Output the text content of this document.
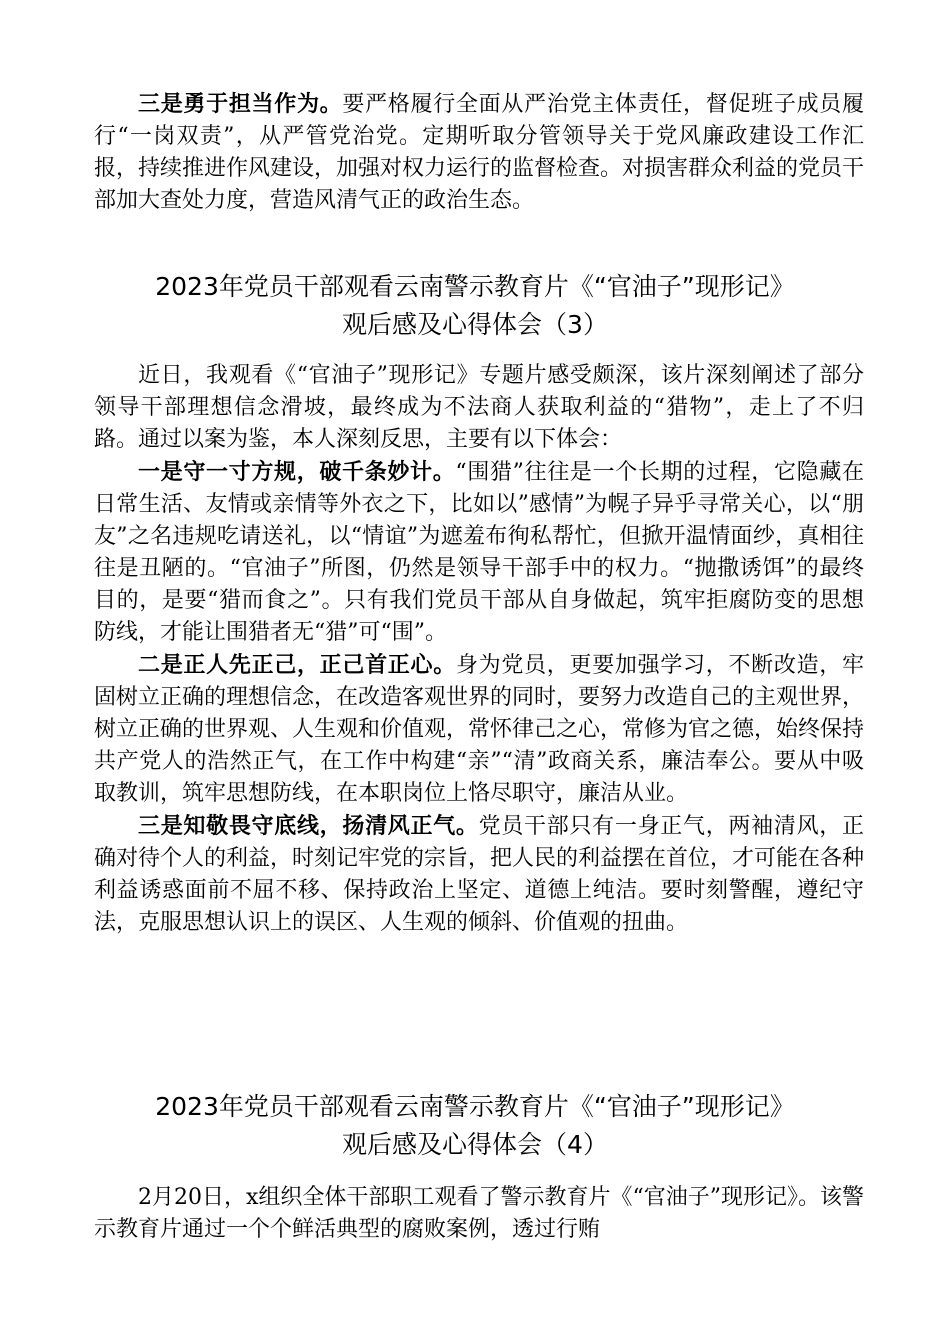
三是勇于担当作为。要严格履行全面从严治党主体责任，督促班子成员履行“一岗双责”，从严管党治党。定期听取分管领导关于党风廉政建设工作汇报，持续推进作风建设，加强对权力运行的监督检查。对损害群众利益的党员干部加大查处力度，营造风清气正的政治生态。

2023年党员干部观看云南警示教育片《“官油子”现形记》
观后感及心得体会（3）

近日，我观看《“官油子”现形记》专题片感受颇深，该片深刻阐述了部分领导干部理想信念滑坡，最终成为不法商人获取利益的“猎物”，走上了不归路。通过以案为鉴，本人深刻反思，主要有以下体会：

一是守一寸方规，破千条妙计。“围猎”往往是一个长期的过程，它隐藏在日常生活、友情或亲情等外衣之下，比如以”感情”为幌子异乎寻常关心，以“朋友”之名违规吃请送礼，以“情谊”为遮羞布徇私帮忙，但掀开温情面纱，真相往往是丑陋的。“官油子”所图，仍然是领导干部手中的权力。“抛撒诱饵”的最终目的，是要“猎而食之”。只有我们党员干部从自身做起，筑牢拒腐防变的思想防线，才能让围猎者无“猎”可“围”。

二是正人先正己，正己首正心。身为党员，更要加强学习，不断改造，牢固树立正确的理想信念，在改造客观世界的同时，要努力改造自己的主观世界，树立正确的世界观、人生观和价值观，常怀律己之心，常修为官之德，始终保持共产党人的浩然正气，在工作中构建“亲”“清”政商关系，廉洁奉公。要从中吸取教训，筑牢思想防线，在本职岗位上恪尽职守，廉洁从业。

三是知敬畏守底线，扬清风正气。党员干部只有一身正气，两袖清风，正确对待个人的利益，时刻记牢党的宗旨，把人民的利益摆在首位，才可能在各种利益诱惑面前不屈不移、保持政治上坚定、道德上纯洁。要时刻警醒，遵纪守法，克服思想认识上的误区、人生观的倾斜、价值观的扭曲。

2023年党员干部观看云南警示教育片《“官油子”现形记》
观后感及心得体会（4）

2月20日，x组织全体干部职工观看了警示教育片《“官油子”现形记》。该警示教育片通过一个个鲜活典型的腐败案例，透过行贿
